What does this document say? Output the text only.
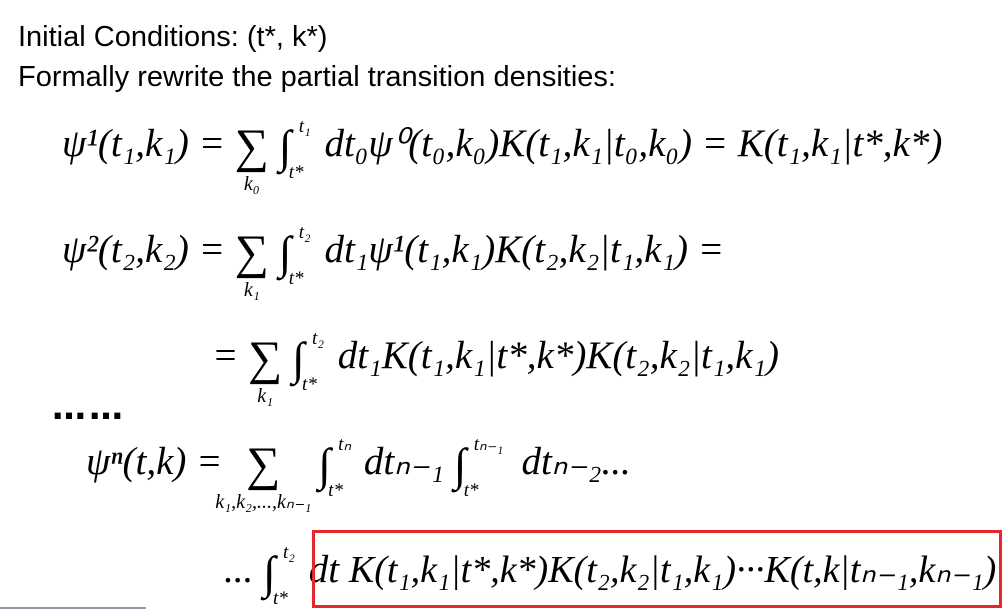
Initial Conditions: (t*, k*)
Formally rewrite the partial transition densities:
ψ¹(t₁,k₁) = ∑
k₀

∫ t₁
t*
dt₀ψ⁰(t₀,k₀)K(t₁,k₁|t₀,k₀) = K(t₁,k₁|t*,k*)
ψ²(t₂,k₂) = ∑
k₁

∫ t₂
t*
dt₁ψ¹(t₁,k₁)K(t₂,k₂|t₁,k₁) =
= ∑
k₁

∫ t₂
t*
dt₁K(t₁,k₁|t*,k*)K(t₂,k₂|t₁,k₁)
……
ψⁿ(t,k) = ∑
k₁,k₂,...,kₙ₋₁

∫ tₙ
t*
dtₙ₋₁ ∫ tₙ₋₁
t*
dtₙ₋₂...
... ∫ t₂
t*
dt K(t₁,k₁|t*,k*)K(t₂,k₂|t₁,k₁)···K(t,k|tₙ₋₁,kₙ₋₁)
